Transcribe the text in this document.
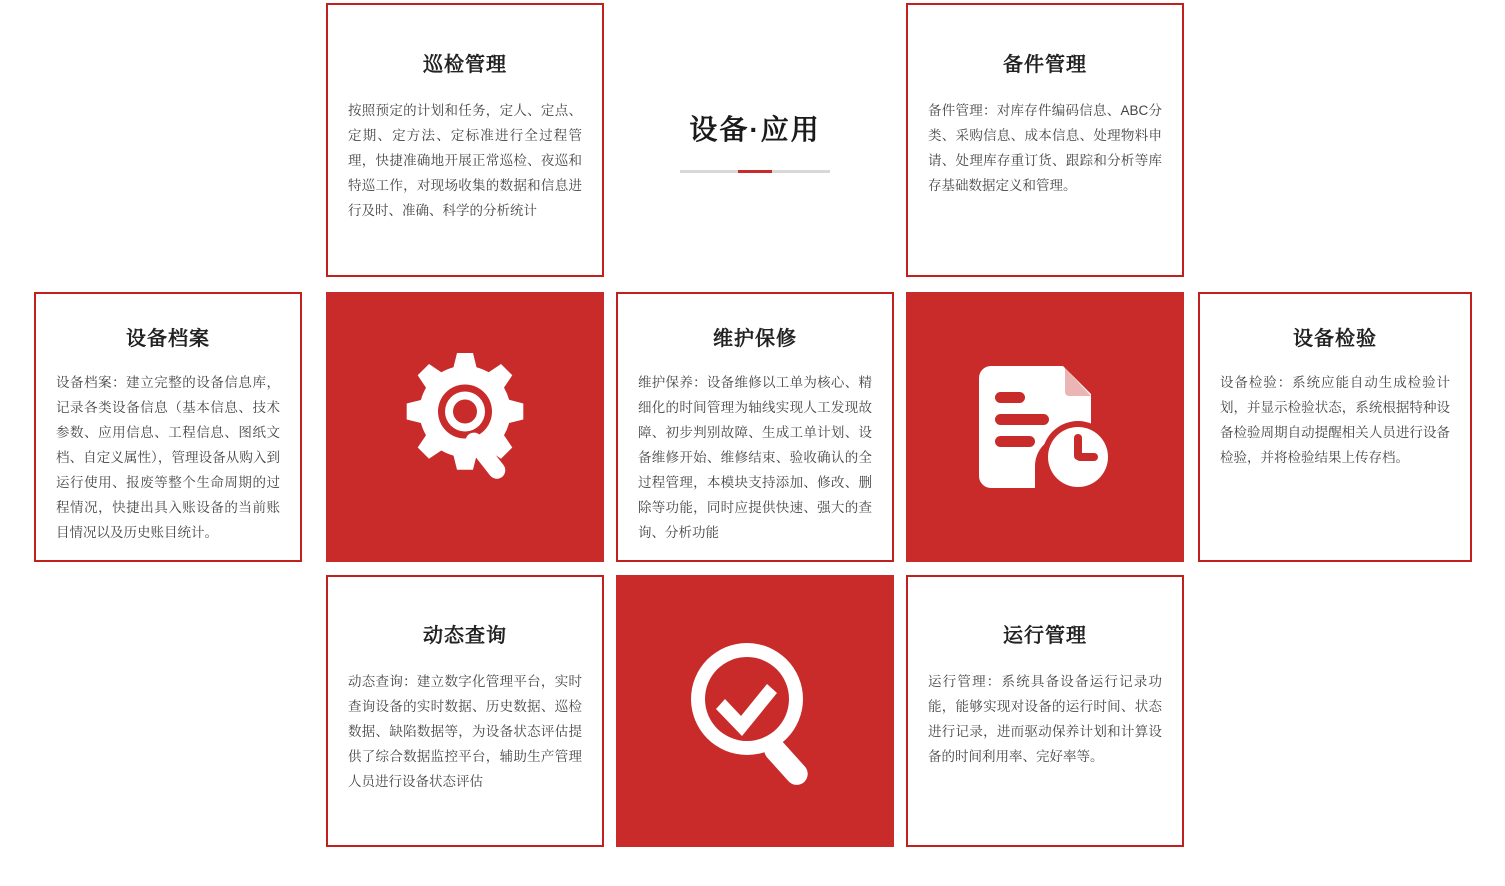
设备·应用
巡检管理
按照预定的计划和任务，定人、定点、定期、定方法、定标准进行全过程管理，快捷准确地开展正常巡检、夜巡和特巡工作，对现场收集的数据和信息进行及时、准确、科学的分析统计
备件管理
备件管理：对库存件编码信息、ABC分类、采购信息、成本信息、处理物料申请、处理库存重订货、跟踪和分析等库存基础数据定义和管理。
设备档案
设备档案：建立完整的设备信息库，记录各类设备信息（基本信息、技术参数、应用信息、工程信息、图纸文档、自定义属性），管理设备从购入到运行使用、报废等整个生命周期的过程情况，快捷出具入账设备的当前账目情况以及历史账目统计。
维护保修
维护保养：设备维修以工单为核心、精细化的时间管理为轴线实现人工发现故障、初步判别故障、生成工单计划、设备维修开始、维修结束、验收确认的全过程管理，本模块支持添加、修改、删除等功能，同时应提供快速、强大的查询、分析功能
设备检验
设备检验：系统应能自动生成检验计划，并显示检验状态，系统根据特种设备检验周期自动提醒相关人员进行设备检验，并将检验结果上传存档。
动态查询
动态查询：建立数字化管理平台，实时查询设备的实时数据、历史数据、巡检数据、缺陷数据等，为设备状态评估提供了综合数据监控平台，辅助生产管理人员进行设备状态评估
运行管理
运行管理：系统具备设备运行记录功能，能够实现对设备的运行时间、状态进行记录，进而驱动保养计划和计算设备的时间利用率、完好率等。
